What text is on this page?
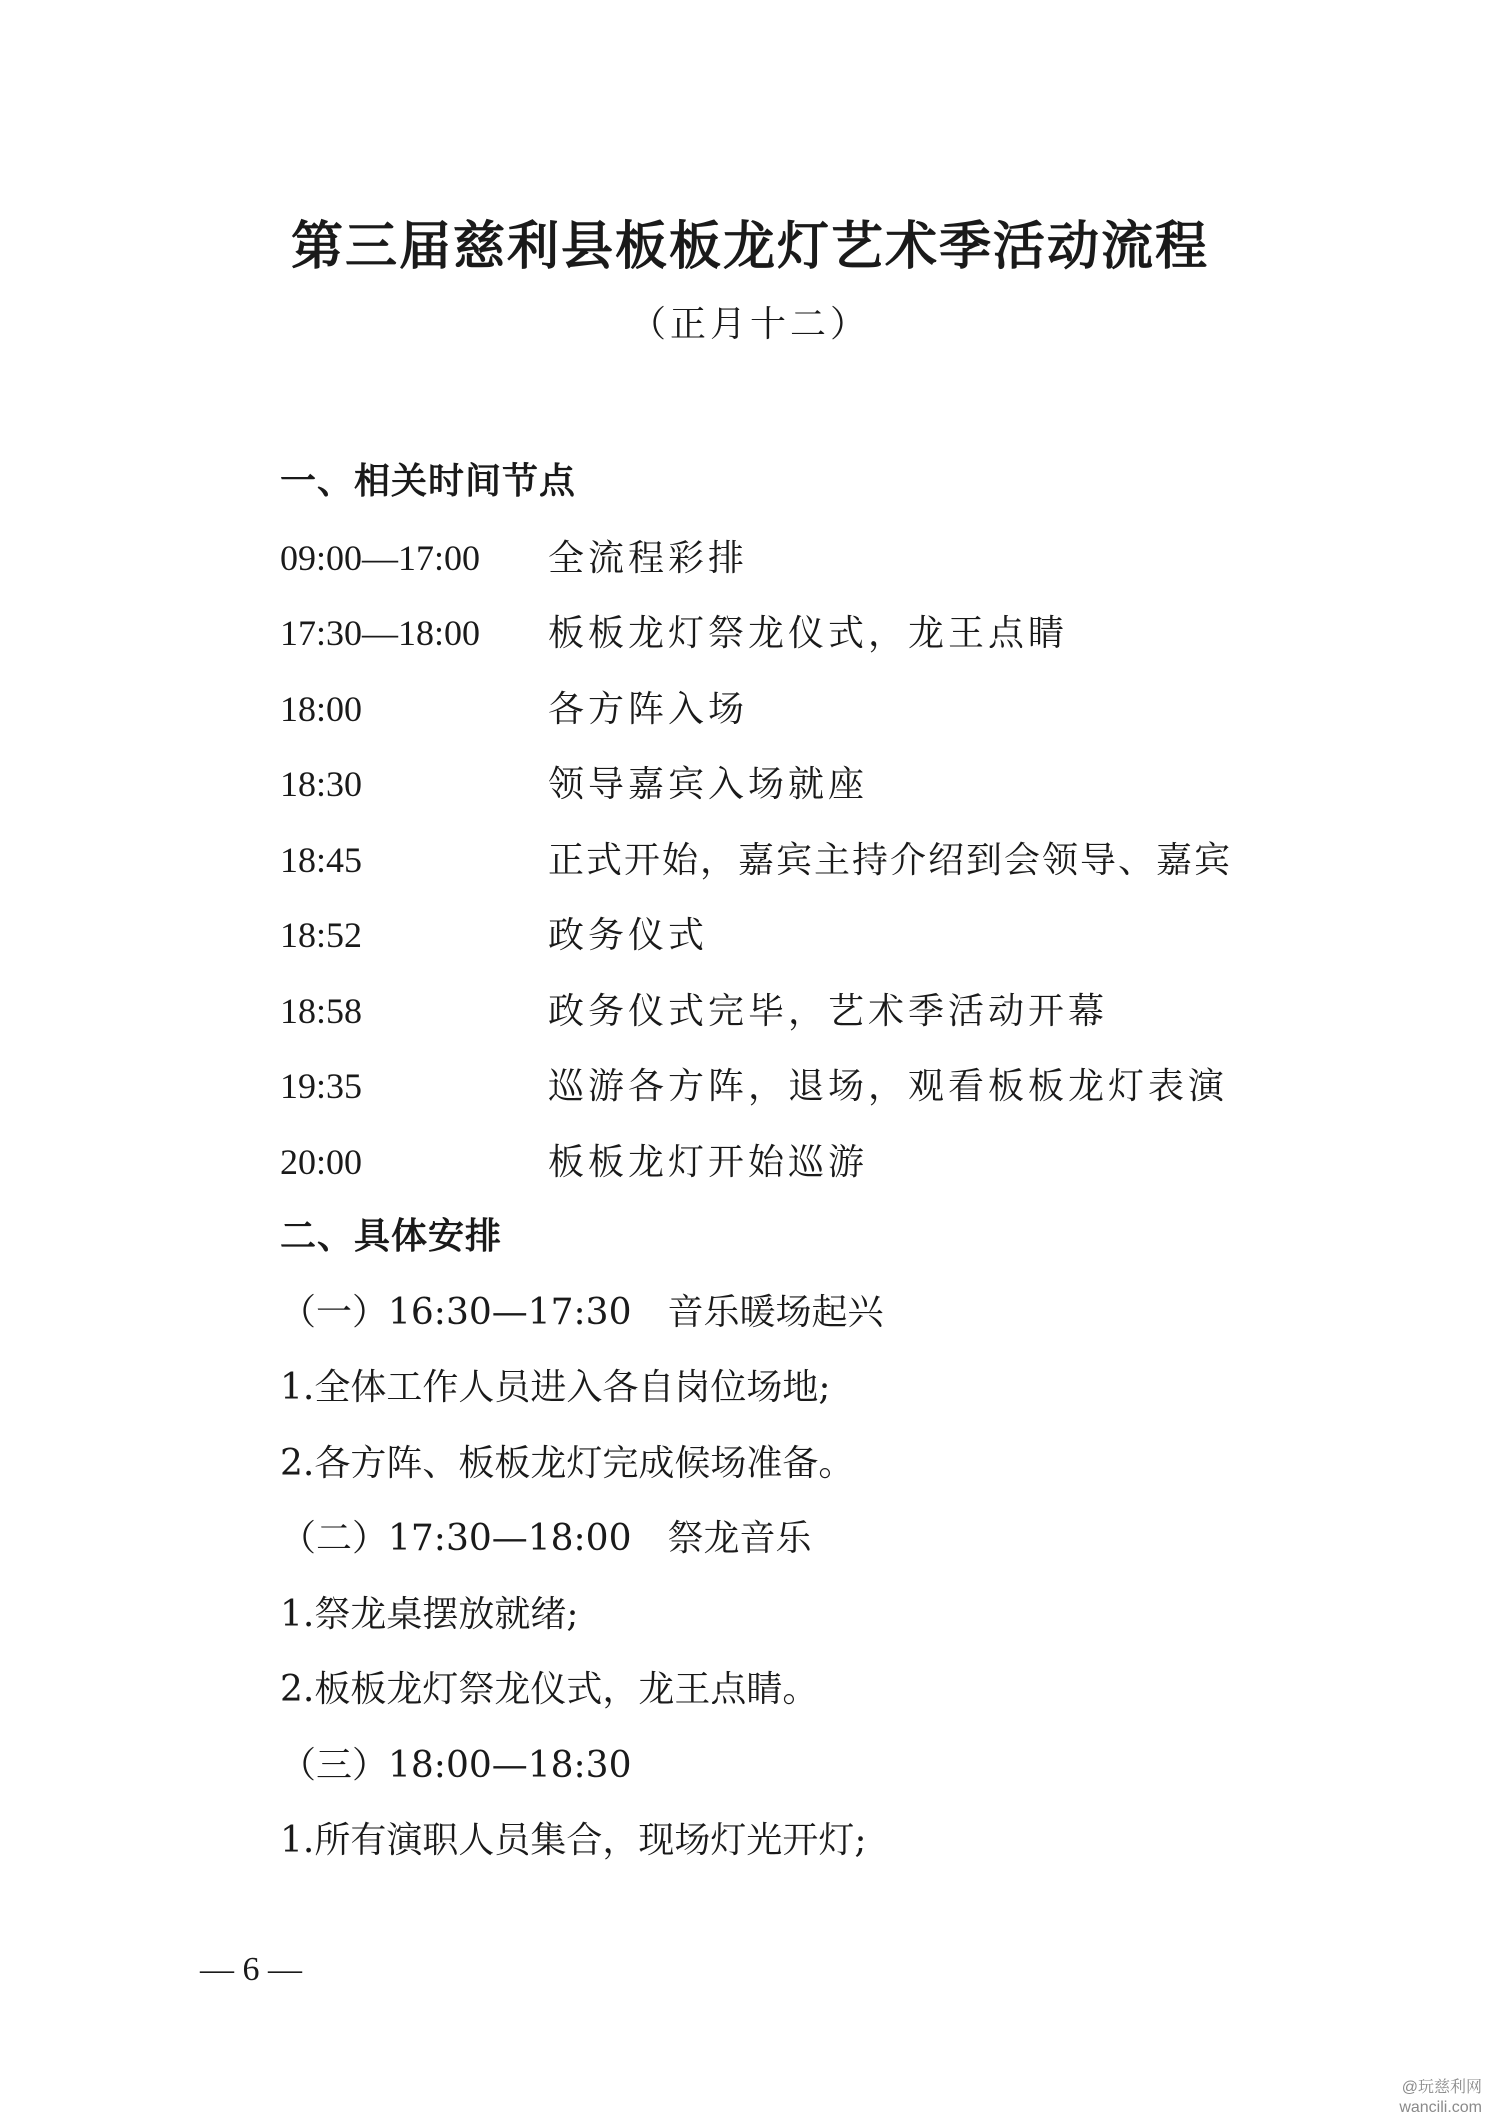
第三届慈利县板板龙灯艺术季活动流程
（正月十二）
一、相关时间节点
09:00—17:00 全流程彩排
17:30—18:00 板板龙灯祭龙仪式，龙王点睛
18:00	各方阵入场
18:30	领导嘉宾入场就座
18:45	正式开始，嘉宾主持介绍到会领导、嘉宾
18:52	政务仪式
18:58	政务仪式完毕，艺术季活动开幕
19:35	巡游各方阵，退场，观看板板龙灯表演
20:00	板板龙灯开始巡游
二、具体安排
（一）16:30—17:30　音乐暖场起兴
1.全体工作人员进入各自岗位场地;
2.各方阵、板板龙灯完成候场准备。
（二）17:30—18:00　祭龙音乐
1.祭龙桌摆放就绪;
2.板板龙灯祭龙仪式，龙王点睛。
（三）18:00—18:30
1.所有演职人员集合，现场灯光开灯;
— 6 —
@玩慈利网
wancili.com
